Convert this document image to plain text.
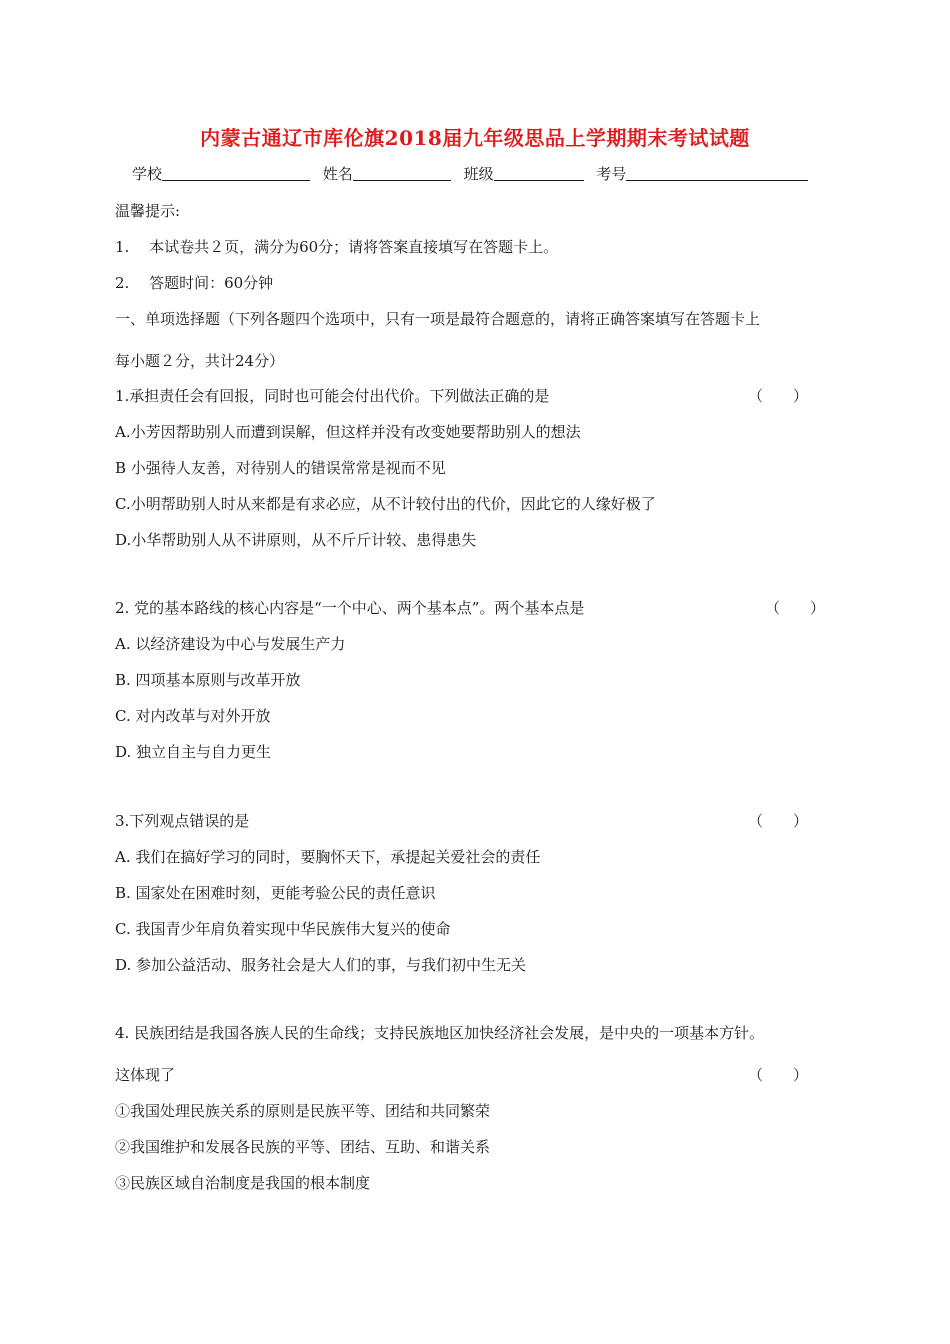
内蒙古通辽市库伦旗2018届九年级思品上学期期末考试试题
学校	姓名	班级	考号
温馨提示:
1.　 本试卷共２页，满分为60分；请将答案直接填写在答题卡上。
2.　 答题时间：60分钟
一、单项选择题（下列各题四个选项中，只有一项是最符合题意的，请将正确答案填写在答题卡上
每小题２分，共计24分）
1.承担责任会有回报，同时也可能会付出代价。下列做法正确的是	（　　）
A.小芳因帮助别人而遭到误解，但这样并没有改变她要帮助别人的想法
B 小强待人友善，对待别人的错误常常是视而不见
C.小明帮助别人时从来都是有求必应，从不计较付出的代价，因此它的人缘好极了
D.小华帮助别人从不讲原则，从不斤斤计较、患得患失
2. 党的基本路线的核心内容是“一个中心、两个基本点”。两个基本点是	（　　）
A. 以经济建设为中心与发展生产力
B. 四项基本原则与改革开放
C. 对内改革与对外开放
D. 独立自主与自力更生
3.下列观点错误的是	（　　）
A. 我们在搞好学习的同时，要胸怀天下，承提起关爱社会的责任
B. 国家处在困难时刻，更能考验公民的责任意识
C. 我国青少年肩负着实现中华民族伟大复兴的使命
D. 参加公益活动、服务社会是大人们的事，与我们初中生无关
4. 民族团结是我国各族人民的生命线；支持民族地区加快经济社会发展，是中央的一项基本方针。
这体现了	（　　）
①我国处理民族关系的原则是民族平等、团结和共同繁荣
②我国维护和发展各民族的平等、团结、互助、和谐关系
③民族区域自治制度是我国的根本制度
